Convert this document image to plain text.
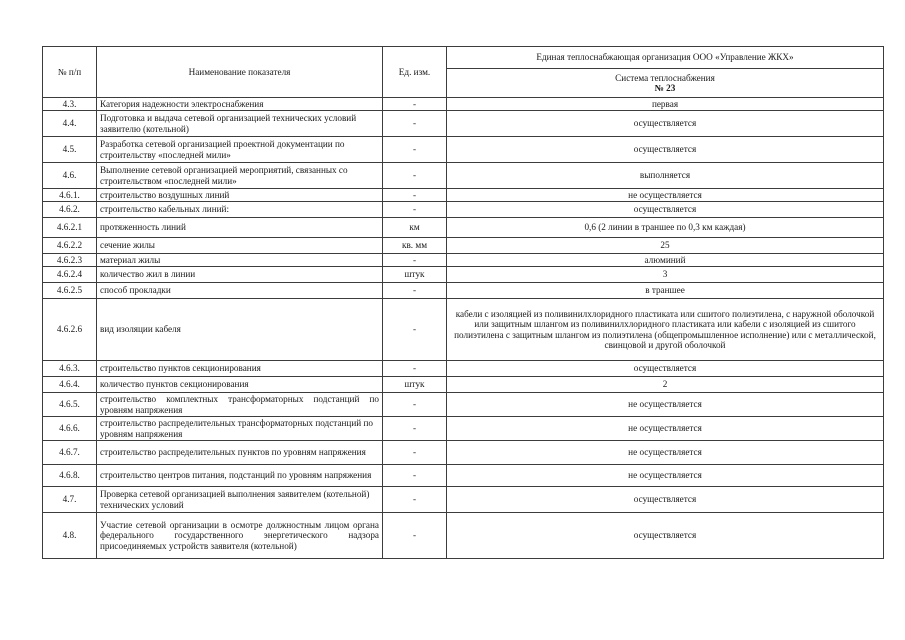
№ п/п	Наименование показателя	Ед. изм.	Единая теплоснабжающая организация ООО «Управление ЖКХ»

			Система теплоснабжения
№ 23

4.3.	Категория надежности электроснабжения	-	первая
4.4.	Подготовка и выдача сетевой организацией технических условий заявителю (котельной)	-	осуществляется
4.5.	Разработка сетевой организацией проектной документации по строительству «последней мили»	-	осуществляется
4.6.	Выполнение сетевой организацией мероприятий, связанных со строительством «последней мили»	-	выполняется
4.6.1.	строительство воздушных линий	-	не осуществляется
4.6.2.	строительство кабельных линий:	-	осуществляется
4.6.2.1	протяженность линий	км	0,6 (2 линии в траншее по 0,3 км каждая)
4.6.2.2	сечение жилы	кв. мм	25
4.6.2.3	материал жилы	-	алюминий
4.6.2.4	количество жил в линии	штук	3
4.6.2.5	способ прокладки	-	в траншее
4.6.2.6	вид изоляции кабеля	-	кабели с изоляцией из поливинилхлоридного пластиката или сшитого полиэтилена, с наружной оболочкой или защитным шлангом из поливинилхлоридного пластиката или кабели с изоляцией из сшитого полиэтилена с защитным шлангом из полиэтилена (общепромышленное исполнение) или с металлической, свинцовой и другой оболочкой
4.6.3.	строительство пунктов секционирования	-	осуществляется
4.6.4.	количество пунктов секционирования	штук	2
4.6.5.	строительство комплектных трансформаторных подстанций по уровням напряжения	-	не осуществляется
4.6.6.	строительство распределительных трансформаторных подстанций по уровням напряжения	-	не осуществляется
4.6.7.	строительство распределительных пунктов по уровням напряжения	-	не осуществляется
4.6.8.	строительство центров питания, подстанций по уровням напряжения	-	не осуществляется
4.7.	Проверка сетевой организацией выполнения заявителем (котельной) технических условий	-	осуществляется
4.8.	Участие сетевой организации в осмотре должностным лицом органа федерального государственного энергетического надзора присоединяемых устройств заявителя (котельной)	-	осуществляется
